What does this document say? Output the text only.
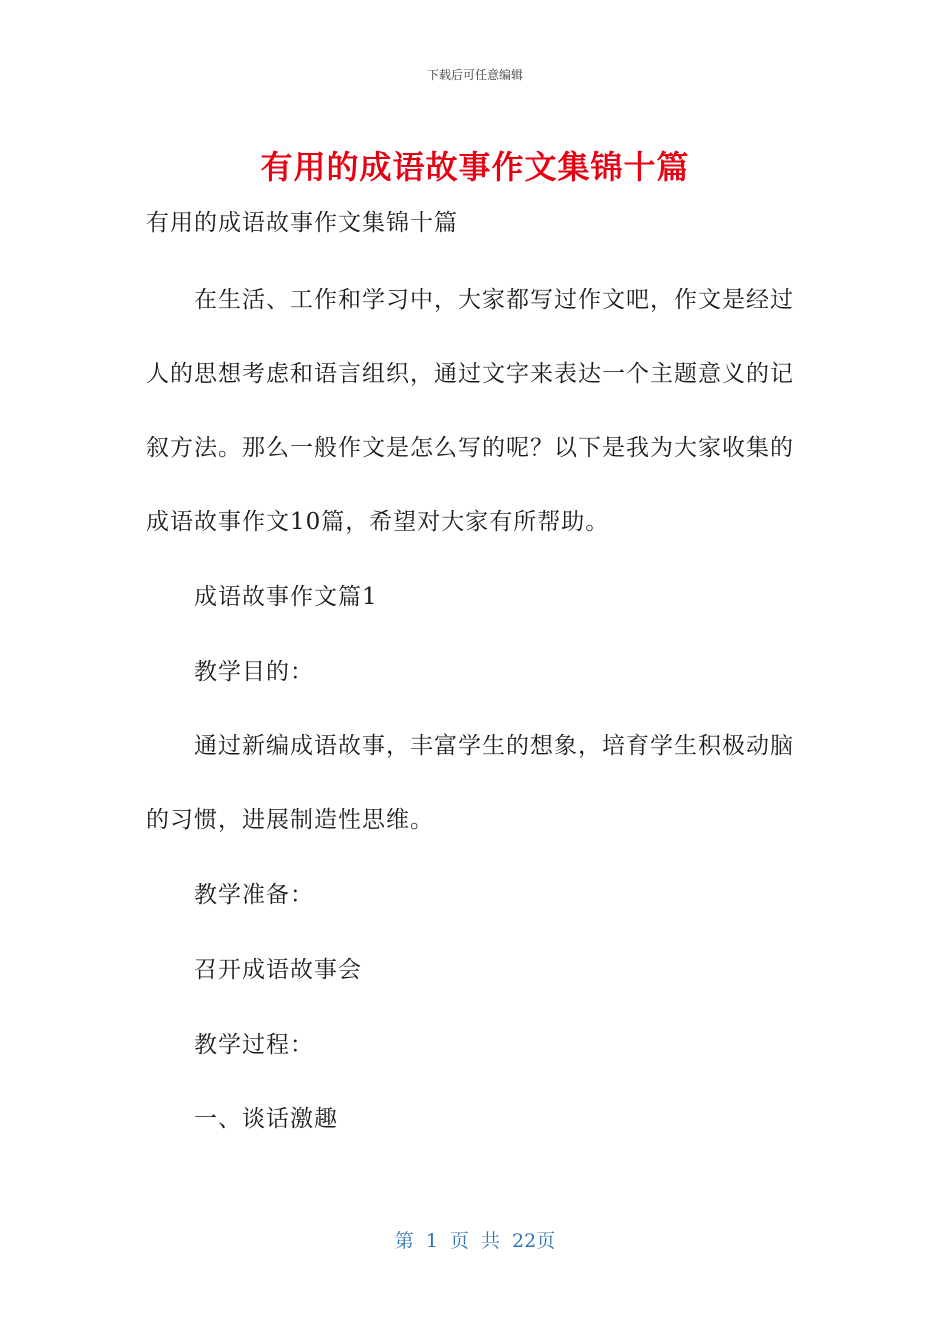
下载后可任意编辑
有用的成语故事作文集锦十篇
有用的成语故事作文集锦十篇
在生活、工作和学习中，大家都写过作文吧，作文是经过
人的思想考虑和语言组织，通过文字来表达一个主题意义的记
叙方法。那么一般作文是怎么写的呢？以下是我为大家收集的
成语故事作文10篇，希望对大家有所帮助。
成语故事作文篇1
教学目的：
通过新编成语故事，丰富学生的想象，培育学生积极动脑
的习惯，进展制造性思维。
教学准备：
召开成语故事会
教学过程：
一、谈话激趣
第 1 页 共 22页
